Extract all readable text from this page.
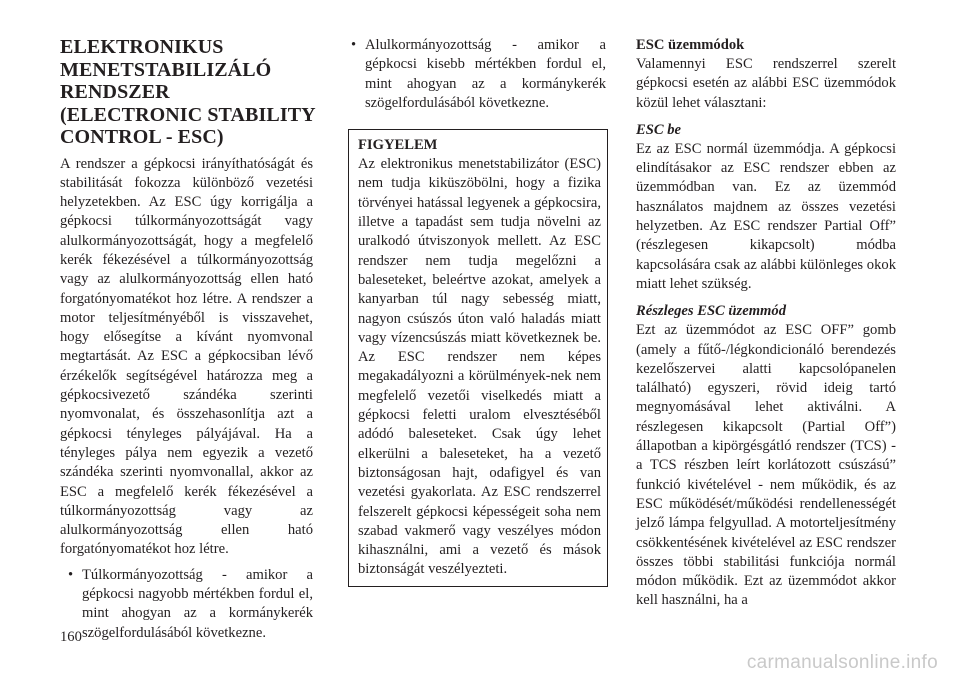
ELEKTRONIKUS
MENETSTABILIZÁLÓ
RENDSZER
(ELECTRONIC STABILITY
CONTROL - ESC)

A rendszer a gépkocsi irányíthatóságát és stabilitását fokozza különböző vezetési helyzetekben. Az ESC úgy korrigálja a gépkocsi túlkormányozottságát vagy alulkormányozottságát, hogy a megfelelő kerék fékezésével a túlkormányozottság vagy az alulkormányozottság ellen ható forgatónyomatékot hoz létre. A rendszer a motor teljesítményéből is visszavehet, hogy elősegítse a kívánt nyomvonal megtartását. Az ESC a gépkocsiban lévő érzékelők segítségével határozza meg a gépkocsivezető szándéka szerinti nyomvonalat, és összehasonlítja azt a gépkocsi tényleges pályájával. Ha a tényleges pálya nem egyezik a vezető szándéka szerinti nyomvonallal, akkor az ESC a megfelelő kerék fékezésével a túlkormányozottság vagy az alulkormányozottság ellen ható forgatónyomatékot hoz létre.

• Túlkormányozottság - amikor a gépkocsi nagyobb mértékben fordul el, mint ahogyan az a kormánykerék szögelfordulásából következne.
• Alulkormányozottság - amikor a gépkocsi kisebb mértékben fordul el, mint ahogyan az a kormánykerék szögelfordulásából következne.
FIGYELEM

Az elektronikus menetstabilizátor (ESC) nem tudja kiküszöbölni, hogy a fizika törvényei hatással legyenek a gépkocsira, illetve a tapadást sem tudja növelni az uralkodó útviszonyok mellett. Az ESC rendszer nem tudja megelőzni a baleseteket, beleértve azokat, amelyek a kanyarban túl nagy sebesség miatt, nagyon csúszós úton való haladás miatt vagy vízencsúszás miatt következnek be. Az ESC rendszer nem képes megakadályozni a körülmények-nek nem megfelelő vezetői viselkedés miatt a gépkocsi feletti uralom elvesztéséből adódó baleseteket. Csak úgy lehet elkerülni a baleseteket, ha a vezető biztonságosan hajt, odafigyel és van vezetési gyakorlata. Az ESC rendszerrel felszerelt gépkocsi képességeit soha nem szabad vakmerő vagy veszélyes módon kihasználni, ami a vezető és mások biztonságát veszélyezteti.

ESC üzemmódok

Valamennyi ESC rendszerrel szerelt gépkocsi esetén az alábbi ESC üzemmódok közül lehet választani:

ESC be

Ez az ESC normál üzemmódja. A gépkocsi elindításakor az ESC rendszer ebben az üzemmódban van. Ez az üzemmód használatos majdnem az összes vezetési helyzetben. Az ESC rendszer Partial Off” (részlegesen kikapcsolt) módba kapcsolására csak az alábbi különleges okok miatt lehet szükség.

Részleges ESC üzemmód

Ezt az üzemmódot az ESC OFF” gomb (amely a fűtő-/légkondicionáló berendezés kezelőszervei alatti kapcsolópanelen található) egyszeri, rövid ideig tartó megnyomásával lehet aktiválni. A részlegesen kikapcsolt (Partial Off”) állapotban a kipörgésgátló rendszer (TCS) - a TCS részben leírt korlátozott csúszású” funkció kivételével - nem működik, és az ESC működését/működési rendellenességét jelző lámpa felgyullad. A motorteljesítmény csökkentésének kivételével az ESC rendszer összes többi stabilitási funkciója normál módon működik. Ezt az üzemmódot akkor kell használni, ha a

160
carmanualsonline.info
